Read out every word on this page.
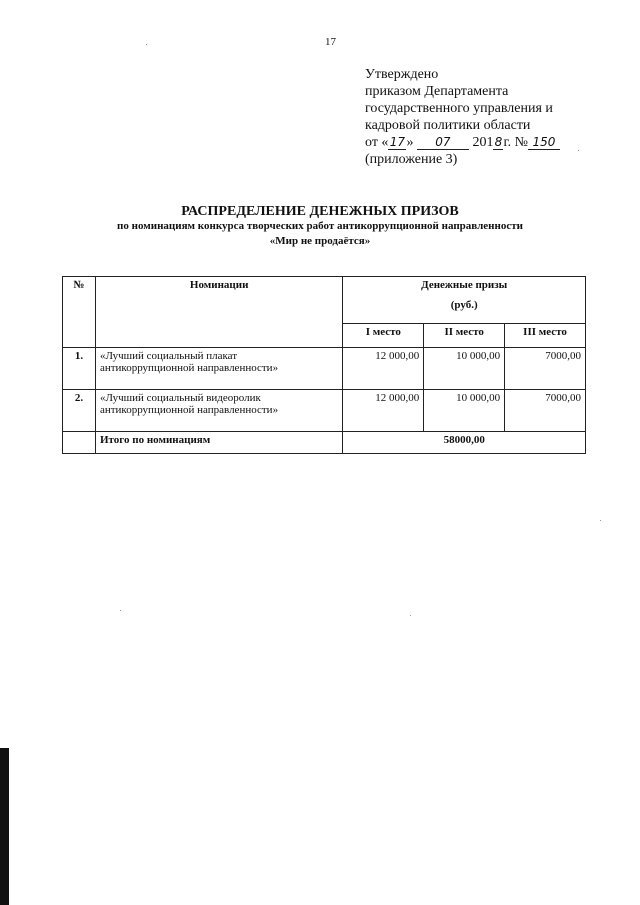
17
Утверждено
приказом Департамента
государственного управления и
кадровой политики области
от «17» 07 2018г. № 150
(приложение 3)
РАСПРЕДЕЛЕНИЕ ДЕНЕЖНЫХ ПРИЗОВ
по номинациям конкурса творческих работ антикоррупционной направленности
«Мир не продаётся»
№	Номинации	Денежные призы
(руб.)		

		I место	II место	III место
1.	«Лучший социальный плакат
антикоррупционной направленности»	12 000,00	10 000,00	7000,00
2.	«Лучший социальный видеоролик
антикоррупционной направленности»	12 000,00	10 000,00	7000,00
	Итого по номинациям	58000,00		
